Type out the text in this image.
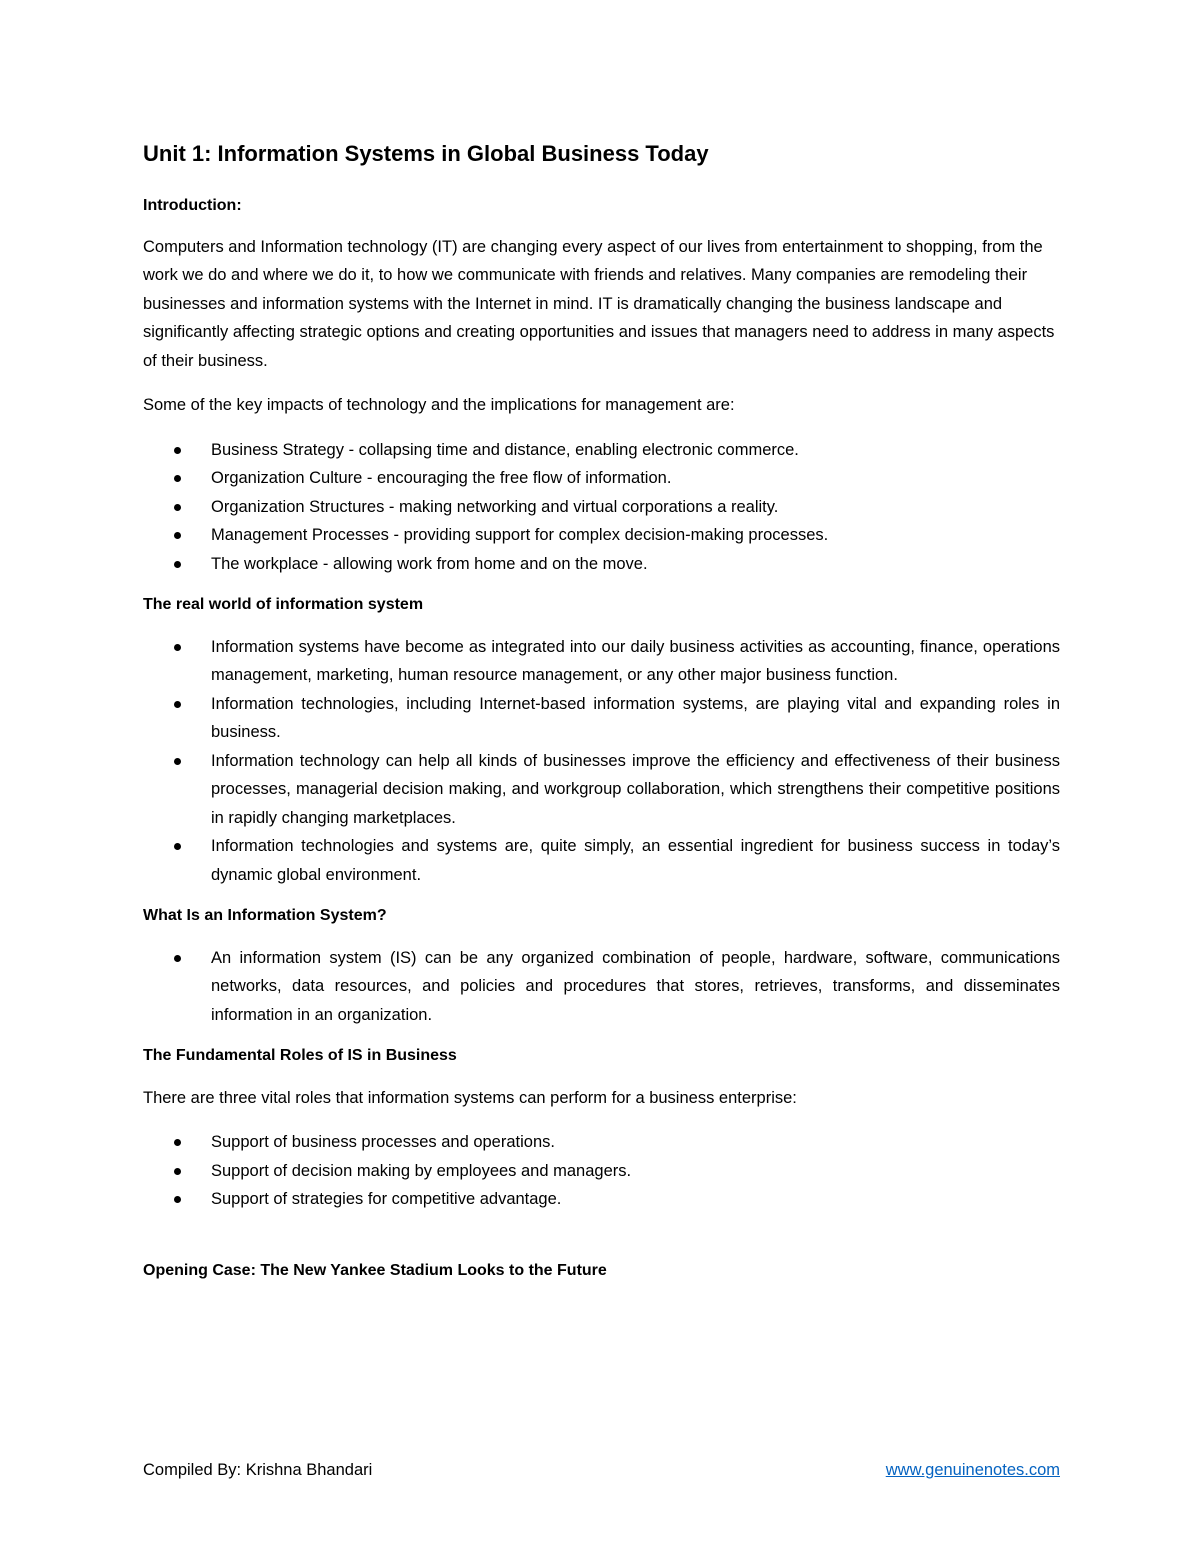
Unit 1: Information Systems in Global Business Today
Introduction:

Computers and Information technology (IT) are changing every aspect of our lives from entertainment to shopping, from the work we do and where we do it, to how we communicate with friends and relatives. Many companies are remodeling their businesses and information systems with the Internet in mind. IT is dramatically changing the business landscape and significantly affecting strategic options and creating opportunities and issues that managers need to address in many aspects of their business.

Some of the key impacts of technology and the implications for management are:

Business Strategy - collapsing time and distance, enabling electronic commerce.
Organization Culture - encouraging the free flow of information.
Organization Structures - making networking and virtual corporations a reality.
Management Processes - providing support for complex decision-making processes.
The workplace - allowing work from home and on the move.
The real world of information system
Information systems have become as integrated into our daily business activities as accounting, finance, operations management, marketing, human resource management, or any other major business function.
Information technologies, including Internet-based information systems, are playing vital and expanding roles in business.
Information technology can help all kinds of businesses improve the efficiency and effectiveness of their business processes, managerial decision making, and workgroup collaboration, which strengthens their competitive positions in rapidly changing marketplaces.
Information technologies and systems are, quite simply, an essential ingredient for business success in today’s dynamic global environment.
What Is an Information System?
An information system (IS) can be any organized combination of people, hardware, software, communications networks, data resources, and policies and procedures that stores, retrieves, transforms, and disseminates information in an organization.
The Fundamental Roles of IS in Business

There are three vital roles that information systems can perform for a business enterprise:

Support of business processes and operations.
Support of decision making by employees and managers.
Support of strategies for competitive advantage.
Opening Case: The New Yankee Stadium Looks to the Future
Compiled By: Krishna Bhandari	www.genuinenotes.com
